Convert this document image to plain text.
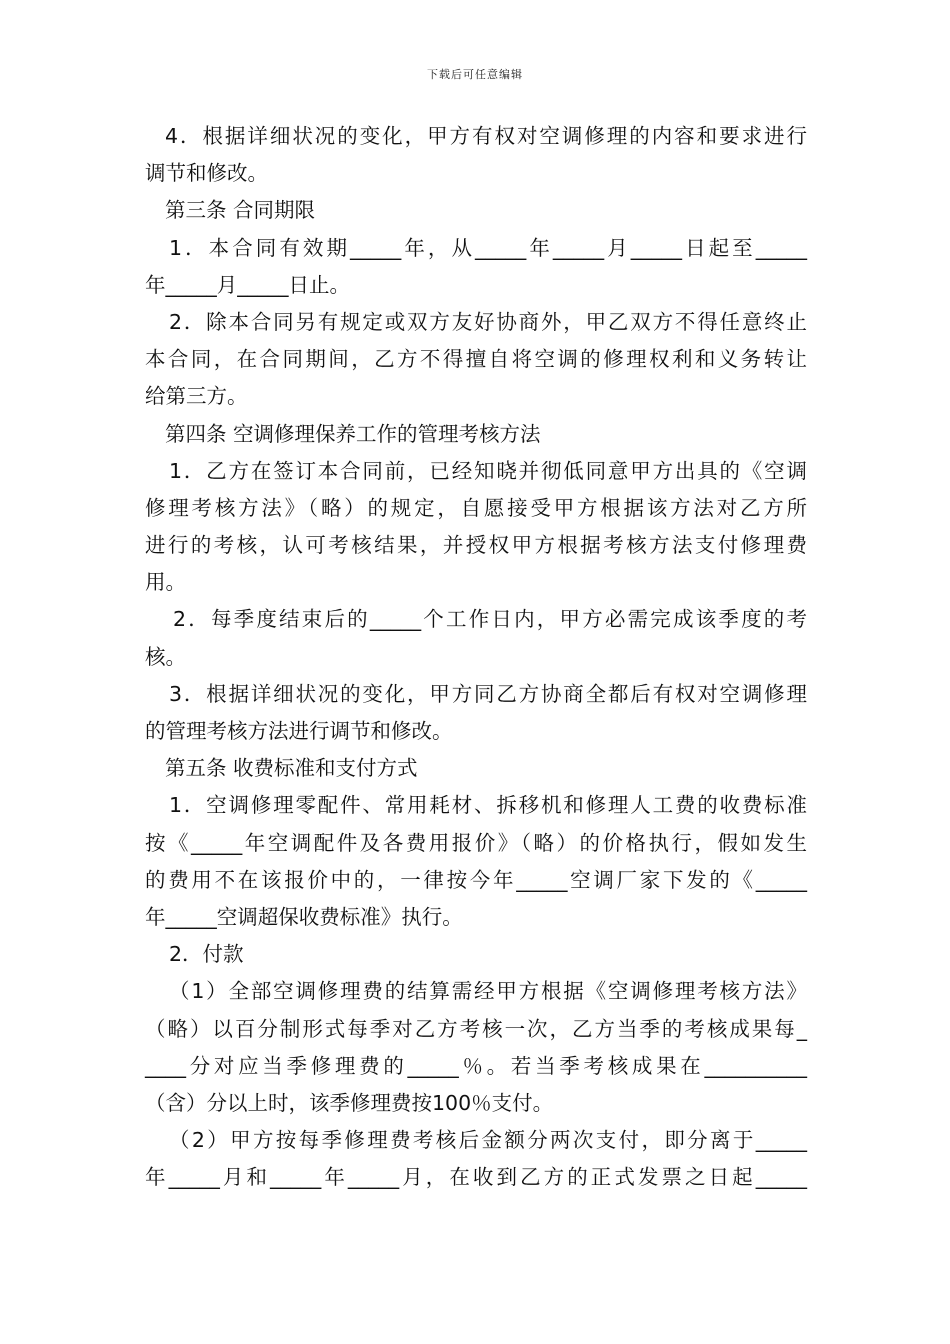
下载后可任意编辑
4．根据详细状况的变化，甲方有权对空调修理的内容和要求进行
调节和修改。
第三条 合同期限
1．本合同有效期_____年，从_____年_____月_____日起至_____
年_____月_____日止。
2．除本合同另有规定或双方友好协商外，甲乙双方不得任意终止
本合同，在合同期间，乙方不得擅自将空调的修理权利和义务转让
给第三方。
第四条 空调修理保养工作的管理考核方法
1．乙方在签订本合同前，已经知晓并彻低同意甲方出具的《空调
修理考核方法》（略）的规定，自愿接受甲方根据该方法对乙方所
进行的考核，认可考核结果，并授权甲方根据考核方法支付修理费
用。
2．每季度结束后的_____个工作日内，甲方必需完成该季度的考
核。
3．根据详细状况的变化，甲方同乙方协商全都后有权对空调修理
的管理考核方法进行调节和修改。
第五条 收费标准和支付方式
1．空调修理零配件、常用耗材、拆移机和修理人工费的收费标准
按《_____年空调配件及各费用报价》（略）的价格执行，假如发生
的费用不在该报价中的，一律按今年_____空调厂家下发的《_____
年_____空调超保收费标准》执行。
2．付款
（1）全部空调修理费的结算需经甲方根据《空调修理考核方法》
（略）以百分制形式每季对乙方考核一次，乙方当季的考核成果每_
____分对应当季修理费的_____％。若当季考核成果在__________
（含）分以上时，该季修理费按100％支付。
（2）甲方按每季修理费考核后金额分两次支付，即分离于_____
年_____月和_____年_____月，在收到乙方的正式发票之日起_____
